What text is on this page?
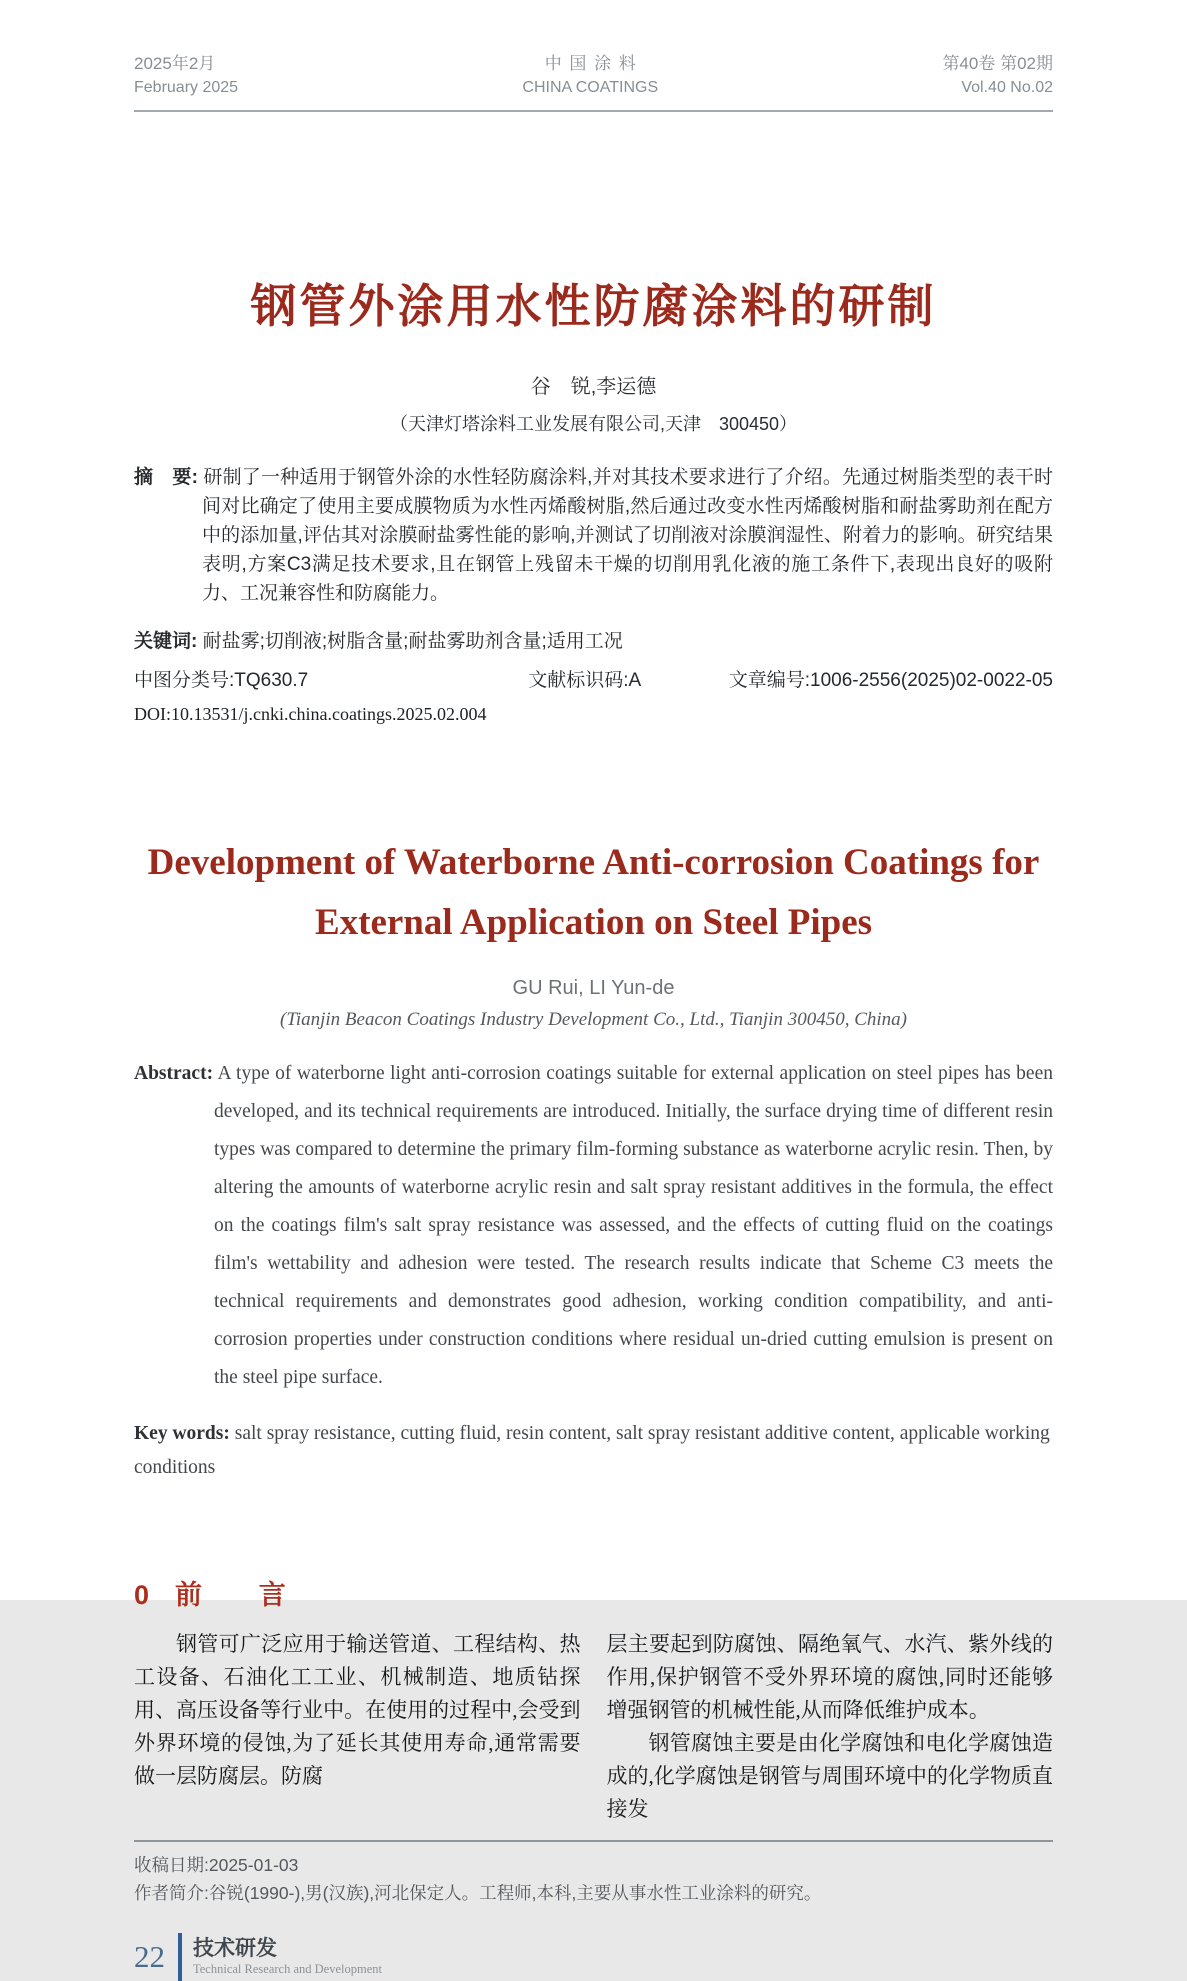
2025年2月
February 2025
中国涂料
CHINA COATINGS
第40卷 第02期
Vol.40 No.02
钢管外涂用水性防腐涂料的研制
谷　锐,李运德
（天津灯塔涂料工业发展有限公司,天津　300450）

摘　要: 研制了一种适用于钢管外涂的水性轻防腐涂料,并对其技术要求进行了介绍。先通过树脂类型的表干时间对比确定了使用主要成膜物质为水性丙烯酸树脂,然后通过改变水性丙烯酸树脂和耐盐雾助剂在配方中的添加量,评估其对涂膜耐盐雾性能的影响,并测试了切削液对涂膜润湿性、附着力的影响。研究结果表明,方案C3满足技术要求,且在钢管上残留未干燥的切削用乳化液的施工条件下,表现出良好的吸附力、工况兼容性和防腐能力。

关键词: 耐盐雾;切削液;树脂含量;耐盐雾助剂含量;适用工况
中图分类号:TQ630.7	文献标识码:A	文章编号:1006-2556(2025)02-0022-05
DOI:10.13531/j.cnki.china.coatings.2025.02.004
Development of Waterborne Anti-corrosion Coatings for
External Application on Steel Pipes
GU Rui, LI Yun-de
(Tianjin Beacon Coatings Industry Development Co., Ltd., Tianjin 300450, China)

Abstract: A type of waterborne light anti-corrosion coatings suitable for external application on steel pipes has been developed, and its technical requirements are introduced. Initially, the surface drying time of different resin types was compared to determine the primary film-forming substance as waterborne acrylic resin. Then, by altering the amounts of waterborne acrylic resin and salt spray resistant additives in the formula, the effect on the coatings film's salt spray resistance was assessed, and the effects of cutting fluid on the coatings film's wettability and adhesion were tested. The research results indicate that Scheme C3 meets the technical requirements and demonstrates good adhesion, working condition compatibility, and anti-corrosion properties under construction conditions where residual un-dried cutting emulsion is present on the steel pipe surface.

Key words: salt spray resistance, cutting fluid, resin content, salt spray resistant additive content, applicable working conditions
0 前　言

钢管可广泛应用于输送管道、工程结构、热工设备、石油化工工业、机械制造、地质钻探用、高压设备等行业中。在使用的过程中,会受到外界环境的侵蚀,为了延长其使用寿命,通常需要做一层防腐层。防腐

层主要起到防腐蚀、隔绝氧气、水汽、紫外线的作用,保护钢管不受外界环境的腐蚀,同时还能够增强钢管的机械性能,从而降低维护成本。

钢管腐蚀主要是由化学腐蚀和电化学腐蚀造成的,化学腐蚀是钢管与周围环境中的化学物质直接发

收稿日期:2025-01-03
作者简介:谷锐(1990-),男(汉族),河北保定人。工程师,本科,主要从事水性工业涂料的研究。
22 技术研发
Technical Research and Development
